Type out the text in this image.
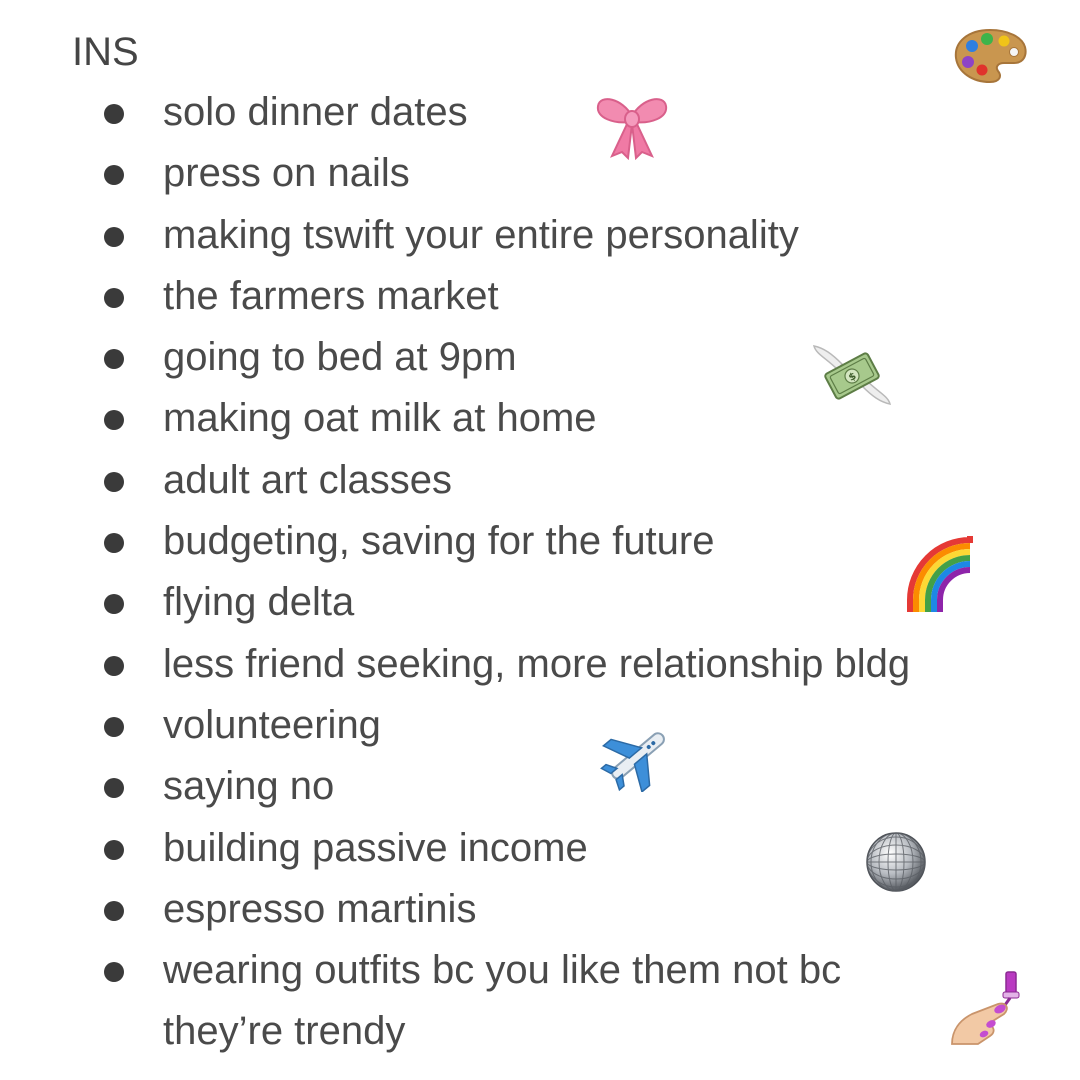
INS
solo dinner dates
press on nails
making tswift your entire personality
the farmers market
going to bed at 9pm
making oat milk at home
adult art classes
budgeting, saving for the future
flying delta
less friend seeking, more relationship bldg
volunteering
saying no
building passive income
espresso martinis
wearing outfits bc you like them not bc they’re trendy
$
